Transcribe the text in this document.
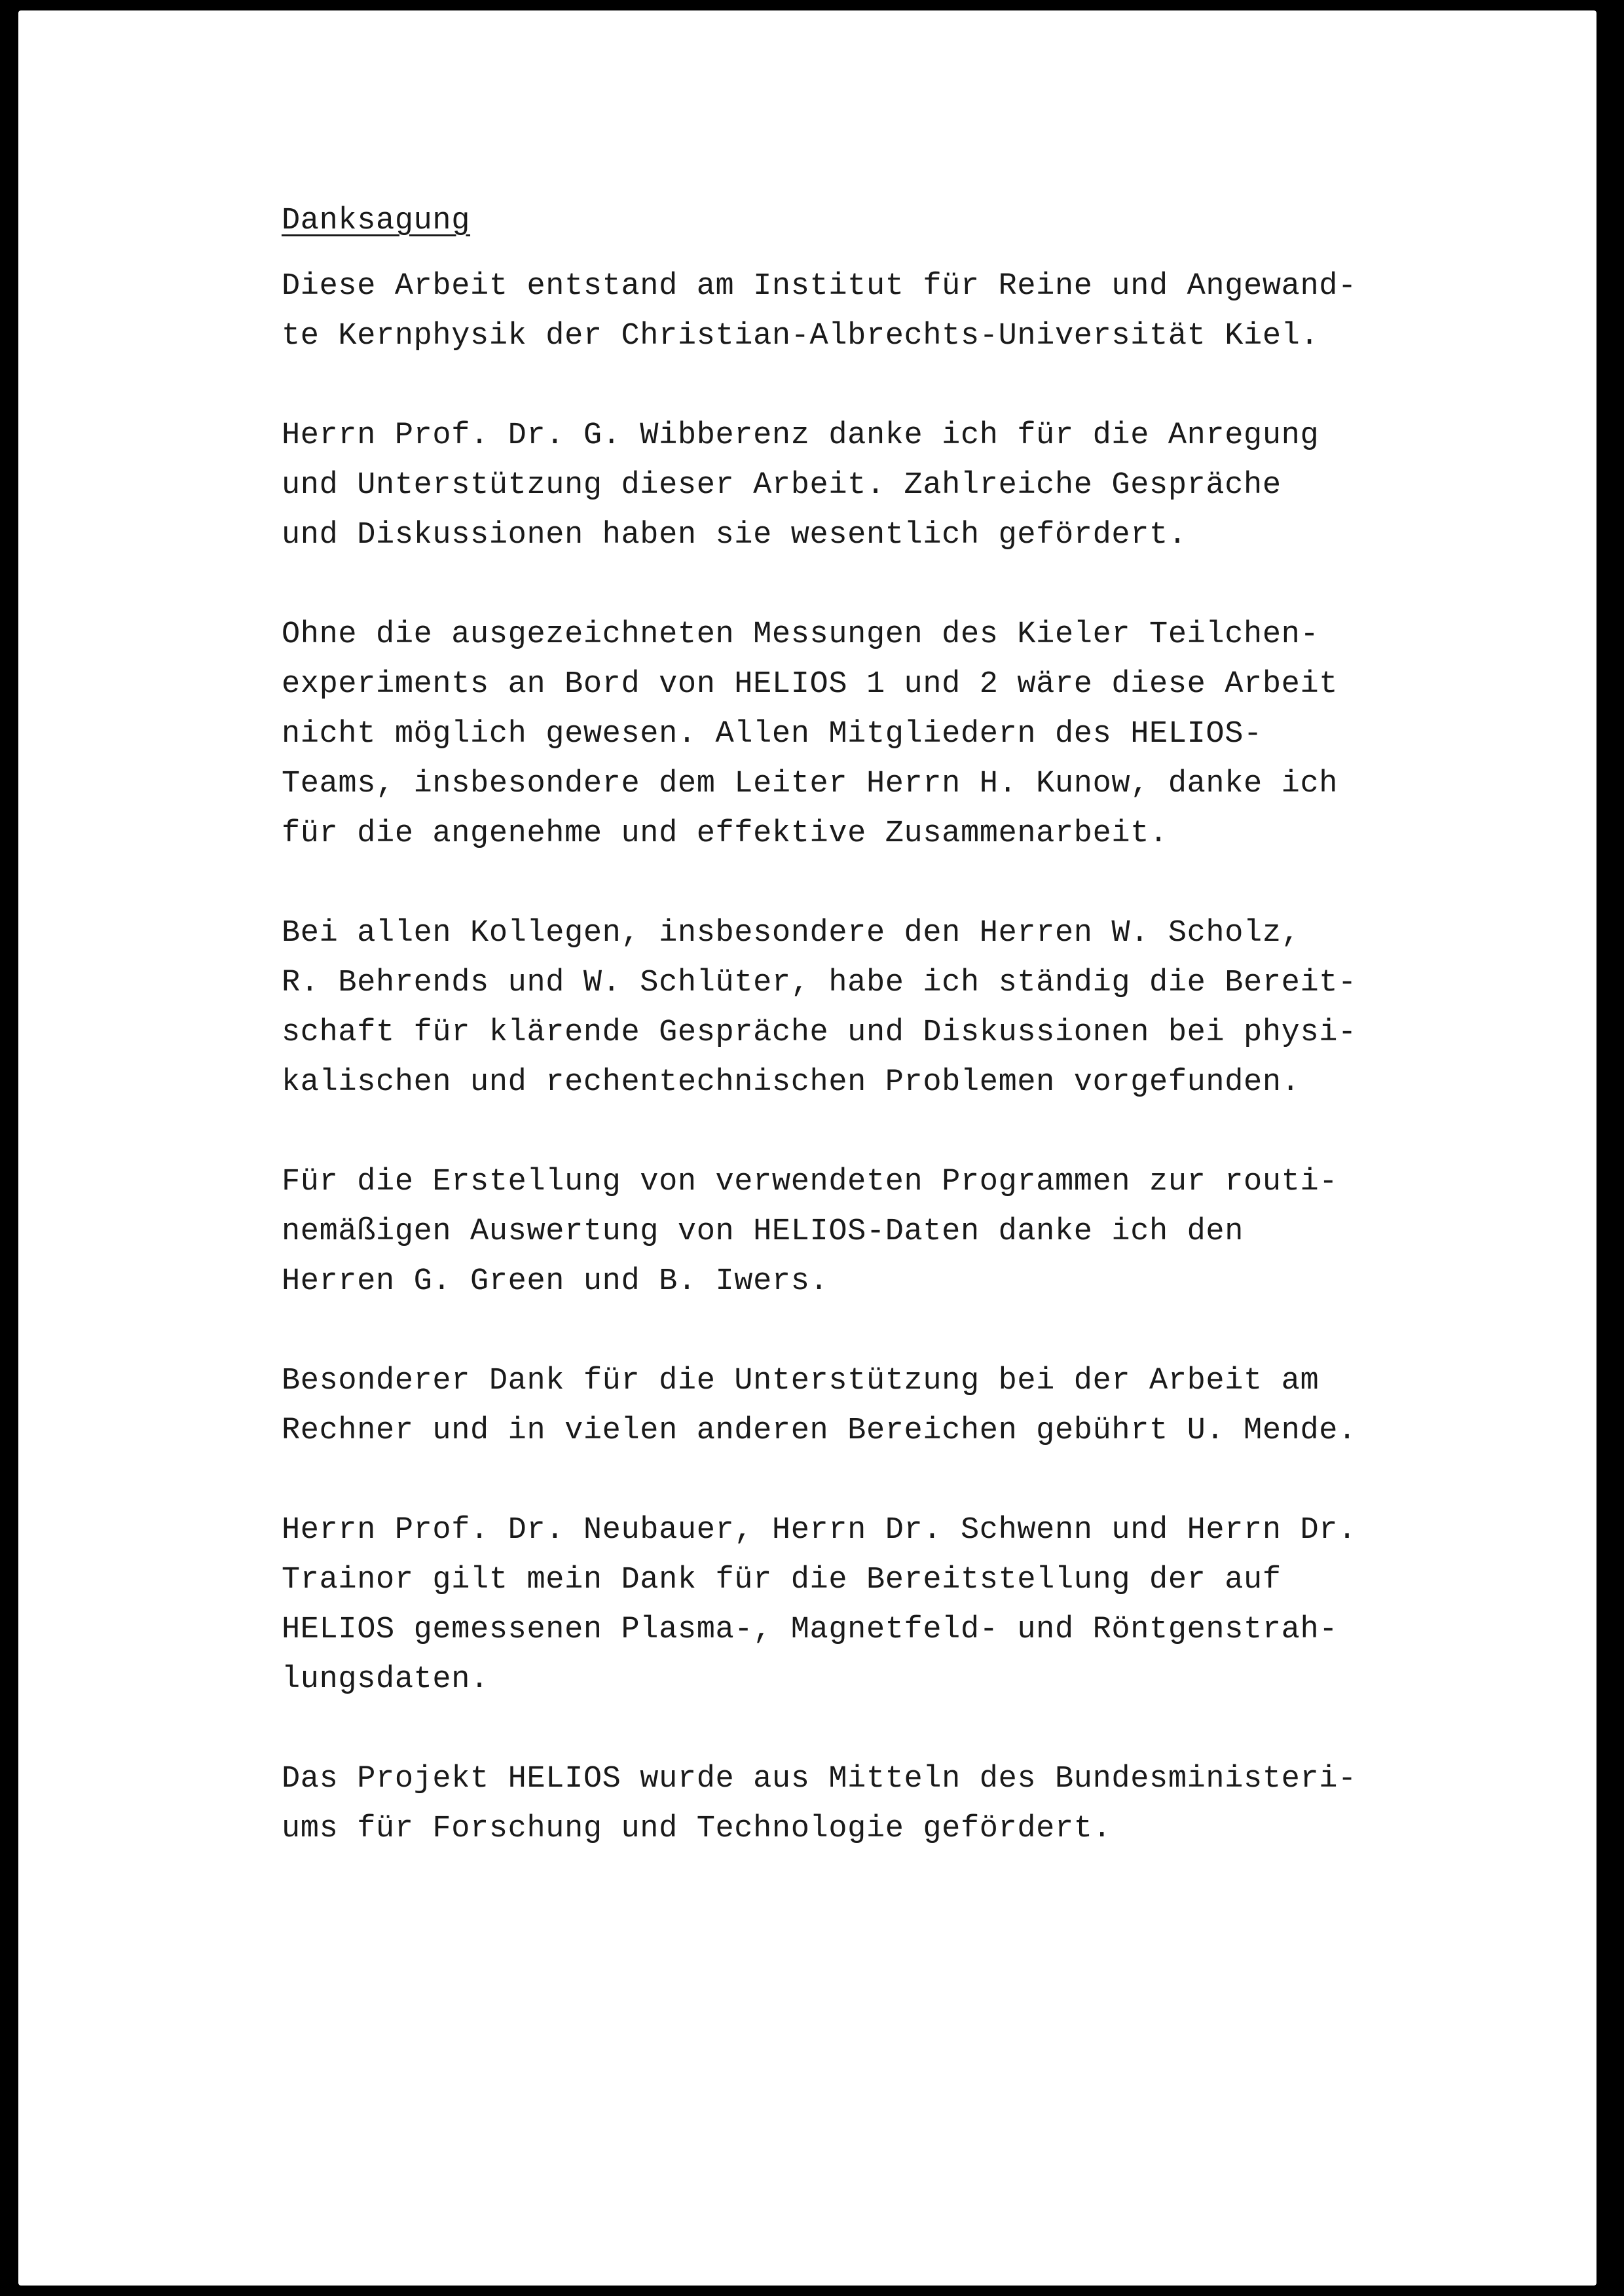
Danksagung
Diese Arbeit entstand am Institut für Reine und Angewand-
te Kernphysik der Christian-Albrechts-Universität Kiel.
Herrn Prof. Dr. G. Wibberenz danke ich für die Anregung
und Unterstützung dieser Arbeit. Zahlreiche Gespräche
und Diskussionen haben sie wesentlich gefördert.
Ohne die ausgezeichneten Messungen des Kieler Teilchen-
experiments an Bord von HELIOS 1 und 2 wäre diese Arbeit
nicht möglich gewesen. Allen Mitgliedern des HELIOS-
Teams, insbesondere dem Leiter Herrn H. Kunow, danke ich
für die angenehme und effektive Zusammenarbeit.
Bei allen Kollegen, insbesondere den Herren W. Scholz,
R. Behrends und W. Schlüter, habe ich ständig die Bereit-
schaft für klärende Gespräche und Diskussionen bei physi-
kalischen und rechentechnischen Problemen vorgefunden.
Für die Erstellung von verwendeten Programmen zur routi-
nemäßigen Auswertung von HELIOS-Daten danke ich den
Herren G. Green und B. Iwers.
Besonderer Dank für die Unterstützung bei der Arbeit am
Rechner und in vielen anderen Bereichen gebührt U. Mende.
Herrn Prof. Dr. Neubauer, Herrn Dr. Schwenn und Herrn Dr.
Trainor gilt mein Dank für die Bereitstellung der auf
HELIOS gemessenen Plasma-, Magnetfeld- und Röntgenstrah-
lungsdaten.
Das Projekt HELIOS wurde aus Mitteln des Bundesministeri-
ums für Forschung und Technologie gefördert.
